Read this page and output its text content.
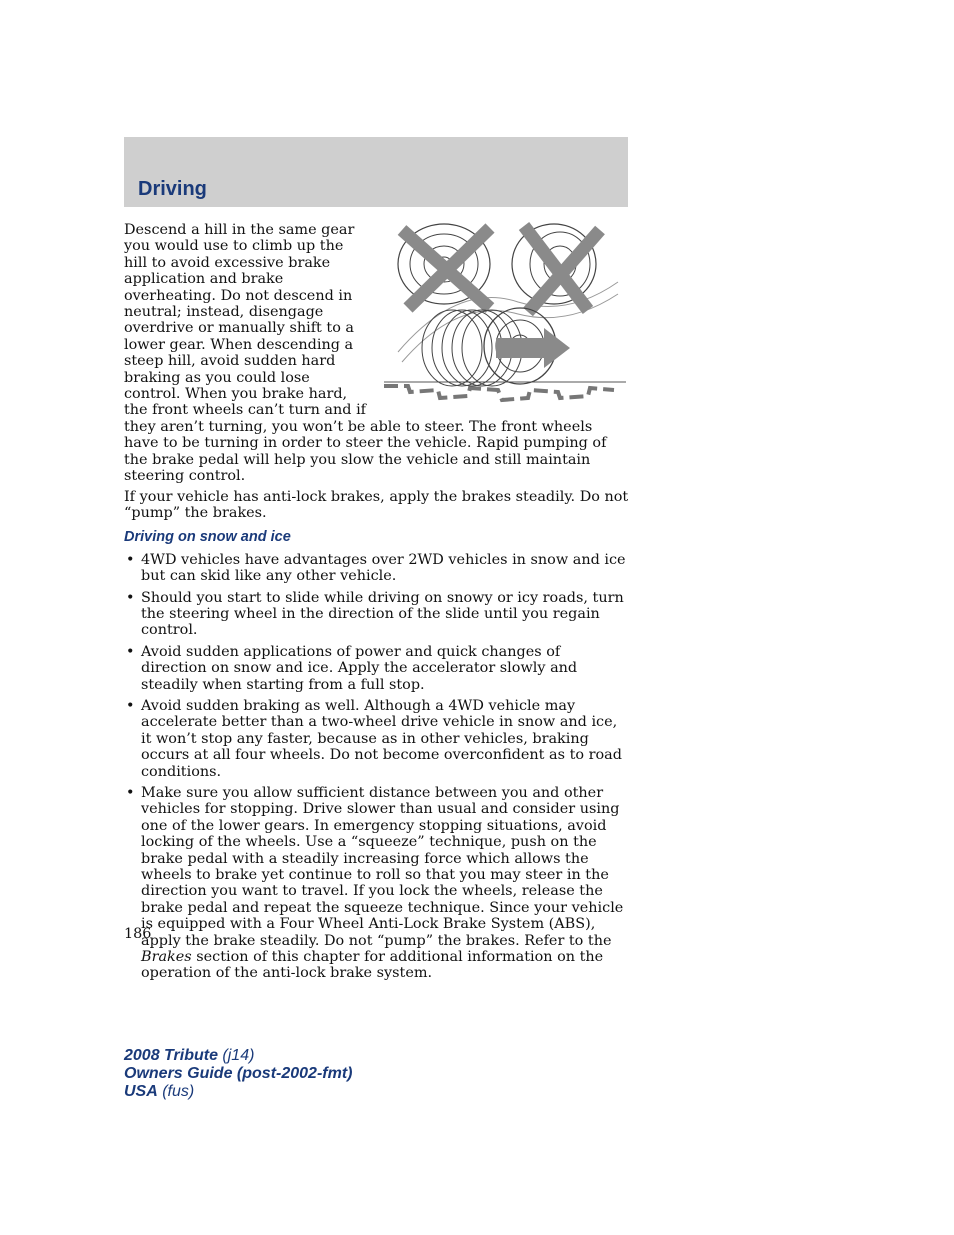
Driving

Descend a hill in the same gear you would use to climb up the hill to avoid excessive brake application and brake overheating. Do not descend in neutral; instead, disengage overdrive or manually shift to a lower gear. When descending a steep hill, avoid sudden hard braking as you could lose control. When you brake hard, the front wheels can’t turn and if they aren’t turning, you won’t be able to steer. The front wheels have to be turning in order to steer the vehicle. Rapid pumping of the brake pedal will help you slow the vehicle and still maintain steering control.

If your vehicle has anti-lock brakes, apply the brakes steadily. Do not “pump” the brakes.

Driving on snow and ice
• 4WD vehicles have advantages over 2WD vehicles in snow and ice but can skid like any other vehicle.
• Should you start to slide while driving on snowy or icy roads, turn the steering wheel in the direction of the slide until you regain control.
• Avoid sudden applications of power and quick changes of direction on snow and ice. Apply the accelerator slowly and steadily when starting from a full stop.
• Avoid sudden braking as well. Although a 4WD vehicle may accelerate better than a two-wheel drive vehicle in snow and ice, it won’t stop any faster, because as in other vehicles, braking occurs at all four wheels. Do not become overconfident as to road conditions.
• Make sure you allow sufficient distance between you and other vehicles for stopping. Drive slower than usual and consider using one of the lower gears. In emergency stopping situations, avoid locking of the wheels. Use a “squeeze” technique, push on the brake pedal with a steadily increasing force which allows the wheels to brake yet continue to roll so that you may steer in the direction you want to travel. If you lock the wheels, release the brake pedal and repeat the squeeze technique. Since your vehicle is equipped with a Four Wheel Anti-Lock Brake System (ABS), apply the brake steadily. Do not “pump” the brakes. Refer to the Brakes section of this chapter for additional information on the operation of the anti-lock brake system.
186
2008 Tribute (j14)
Owners Guide (post-2002-fmt)
USA (fus)
